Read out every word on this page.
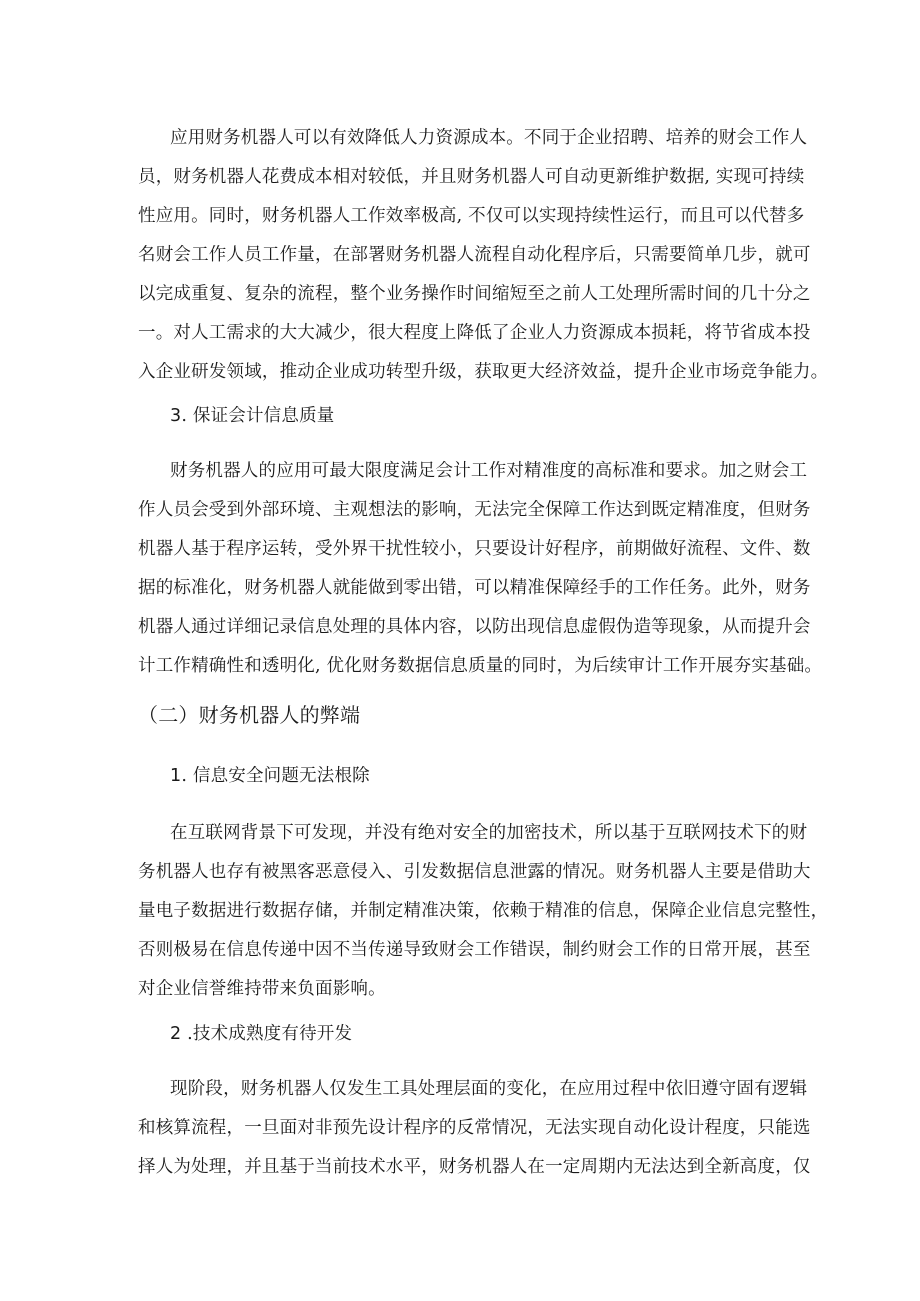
应用财务机器人可以有效降低人力资源成本。不同于企业招聘、培养的财会工作人
员，财务机器人花费成本相对较低，并且财务机器人可自动更新维护数据, 实现可持续
性应用。同时，财务机器人工作效率极高, 不仅可以实现持续性运行，而且可以代替多
名财会工作人员工作量，在部署财务机器人流程自动化程序后，只需要简单几步，就可
以完成重复、复杂的流程，整个业务操作时间缩短至之前人工处理所需时间的几十分之
一。对人工需求的大大减少，很大程度上降低了企业人力资源成本损耗，将节省成本投
入企业研发领域，推动企业成功转型升级，获取更大经济效益，提升企业市场竞争能力。
3. 保证会计信息质量
财务机器人的应用可最大限度满足会计工作对精准度的高标准和要求。加之财会工
作人员会受到外部环境、主观想法的影响，无法完全保障工作达到既定精准度，但财务
机器人基于程序运转，受外界干扰性较小，只要设计好程序，前期做好流程、文件、数
据的标准化，财务机器人就能做到零出错，可以精准保障经手的工作任务。此外，财务
机器人通过详细记录信息处理的具体内容，以防出现信息虚假伪造等现象，从而提升会
计工作精确性和透明化, 优化财务数据信息质量的同时，为后续审计工作开展夯实基础。
（二）财务机器人的弊端
1. 信息安全问题无法根除
在互联网背景下可发现，并没有绝对安全的加密技术，所以基于互联网技术下的财
务机器人也存有被黑客恶意侵入、引发数据信息泄露的情况。财务机器人主要是借助大
量电子数据进行数据存储，并制定精准决策，依赖于精准的信息，保障企业信息完整性，
否则极易在信息传递中因不当传递导致财会工作错误，制约财会工作的日常开展，甚至
对企业信誉维持带来负面影响。
2 .技术成熟度有待开发
现阶段，财务机器人仅发生工具处理层面的变化，在应用过程中依旧遵守固有逻辑
和核算流程，一旦面对非预先设计程序的反常情况，无法实现自动化设计程度，只能选
择人为处理，并且基于当前技术水平，财务机器人在一定周期内无法达到全新高度，仅
